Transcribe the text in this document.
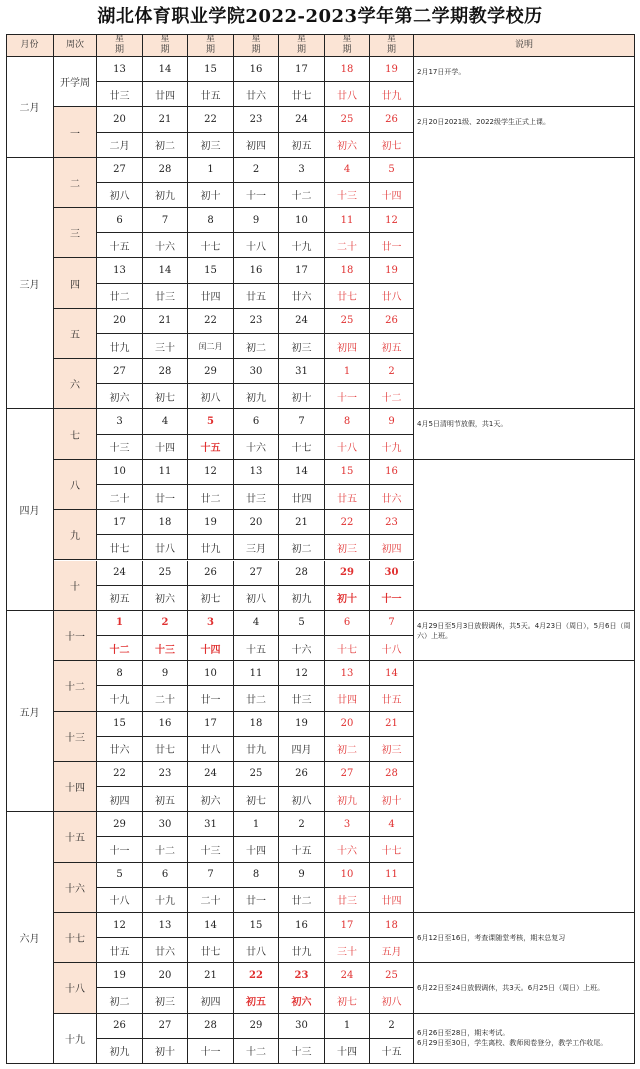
湖北体育职业学院2022-2023学年第二学期教学校历
月份	周次
星
期
星
期
星
期
星
期
星
期
星
期
星
期
说明
二月
三月
四月
五月
六月
开学周
13
廿三
14
廿四
15
廿五
16
廿六
17
廿七
18
廿八
19
廿九
一
20
二月
21
初二
22
初三
23
初四
24
初五
25
初六
26
初七
二
27
初八
28
初九
1
初十
2
十一
3
十二
4
十三
5
十四
三
6
十五
7
十六
8
十七
9
十八
10
十九
11
二十
12
廿一
四
13
廿二
14
廿三
15
廿四
16
廿五
17
廿六
18
廿七
19
廿八
五
20
廿九
21
三十
22
闰二月
23
初二
24
初三
25
初四
26
初五
六
27
初六
28
初七
29
初八
30
初九
31
初十
1
十一
2
十二
七
3
十三
4
十四
5
十五
6
十六
7
十七
8
十八
9
十九
八
10
二十
11
廿一
12
廿二
13
廿三
14
廿四
15
廿五
16
廿六
九
17
廿七
18
廿八
19
廿九
20
三月
21
初二
22
初三
23
初四
十
24
初五
25
初六
26
初七
27
初八
28
初九
29
初十
30
十一
十一
1
十二
2
十三
3
十四
4
十五
5
十六
6
十七
7
十八
十二
8
十九
9
二十
10
廿一
11
廿二
12
廿三
13
廿四
14
廿五
十三
15
廿六
16
廿七
17
廿八
18
廿九
19
四月
20
初二
21
初三
十四
22
初四
23
初五
24
初六
25
初七
26
初八
27
初九
28
初十
十五
29
十一
30
十二
31
十三
1
十四
2
十五
3
十六
4
十七
十六
5
十八
6
十九
7
二十
8
廿一
9
廿二
10
廿三
11
廿四
十七
12
廿五
13
廿六
14
廿七
15
廿八
16
廿九
17
三十
18
五月
十八
19
初二
20
初三
21
初四
22
初五
23
初六
24
初七
25
初八
十九
26
初九
27
初十
28
十一
29
十二
30
十三
1
十四
2
十五
2月17日开学。
2月20日2021级、2022级学生正式上课。
4月5日清明节放假，共1天。
4月29日至5月3日放假调休，共5天。4月23日（周日），5月6日（周六）上班。
6月12日至16日，考查课随堂考核，期末总复习
6月22日至24日放假调休，共3天。6月25日（周日）上班。
6月26日至28日，期末考试。
6月29日至30日，学生离校、教师阅卷登分，教学工作收尾。
